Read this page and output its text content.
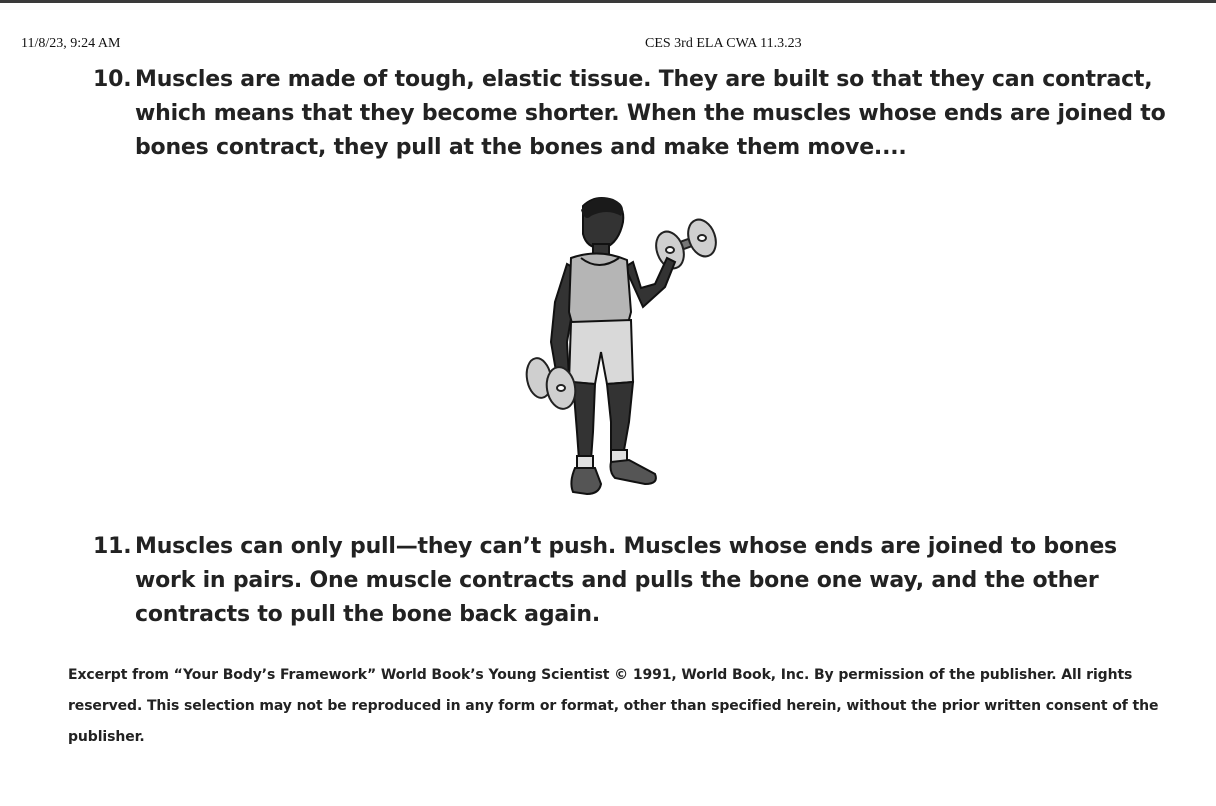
11/8/23, 9:24 AM	CES 3rd ELA CWA 11.3.23
10. Muscles are made of tough, elastic tissue. They are built so that they can contract, which means that they become shorter. When the muscles whose ends are joined to bones contract, they pull at the bones and make them move....
11. Muscles can only pull—they can’t push. Muscles whose ends are joined to bones work in pairs. One muscle contracts and pulls the bone one way, and the other contracts to pull the bone back again.
Excerpt from “Your Body’s Framework” World Book’s Young Scientist © 1991, World Book, Inc. By permission of the publisher. All rights reserved. This selection may not be reproduced in any form or format, other than specified herein, without the prior written consent of the publisher.
